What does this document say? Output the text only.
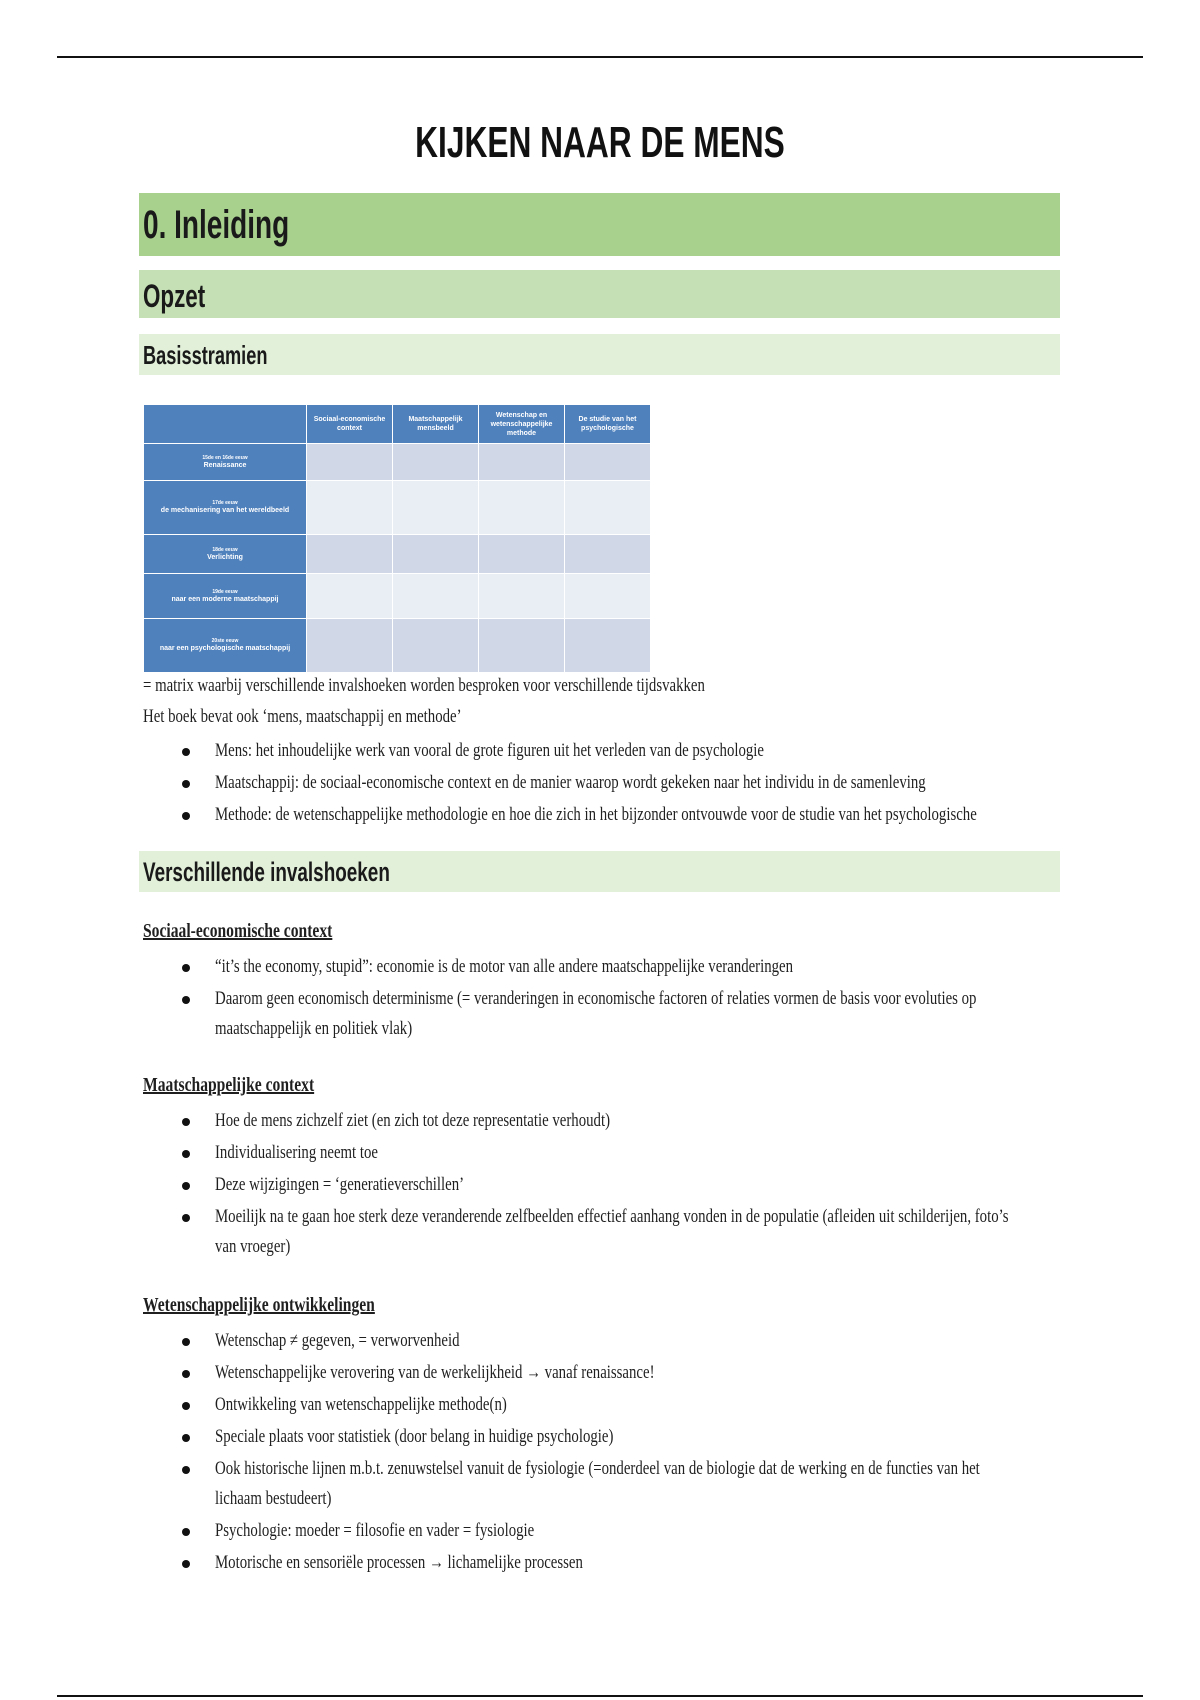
KIJKEN NAAR DE MENS
0. Inleiding
Opzet
Basisstramien
	Sociaal-economische context	Maatschappelijk mensbeeld	Wetenschap en wetenschappelijke methode	De studie van het psychologische

15de en 16de eeuw
Renaissance				

17de eeuw
de mechanisering van het wereldbeeld				

18de eeuw
Verlichting				

19de eeuw
naar een moderne maatschappij				

20ste eeuw
naar een psychologische maatschappij				
= matrix waarbij verschillende invalshoeken worden besproken voor verschillende tijdsvakken
Het boek bevat ook ‘mens, maatschappij en methode’
Mens: het inhoudelijke werk van vooral de grote figuren uit het verleden van de psychologie
Maatschappij: de sociaal-economische context en de manier waarop wordt gekeken naar het individu in de samenleving
Methode: de wetenschappelijke methodologie en hoe die zich in het bijzonder ontvouwde voor de studie van het psychologische
Verschillende invalshoeken
Sociaal-economische context
“it’s the economy, stupid”: economie is de motor van alle andere maatschappelijke veranderingen
Daarom geen economisch determinisme (= veranderingen in economische factoren of relaties vormen de basis voor evoluties op maatschappelijk en politiek vlak)
Maatschappelijke context
Hoe de mens zichzelf ziet (en zich tot deze representatie verhoudt)
Individualisering neemt toe
Deze wijzigingen = ‘generatieverschillen’
Moeilijk na te gaan hoe sterk deze veranderende zelfbeelden effectief aanhang vonden in de populatie (afleiden uit schilderijen, foto’s van vroeger)
Wetenschappelijke ontwikkelingen
Wetenschap ≠ gegeven, = verworvenheid
Wetenschappelijke verovering van de werkelijkheid → vanaf renaissance!
Ontwikkeling van wetenschappelijke methode(n)
Speciale plaats voor statistiek (door belang in huidige psychologie)
Ook historische lijnen m.b.t. zenuwstelsel vanuit de fysiologie (=onderdeel van de biologie dat de werking en de functies van het lichaam bestudeert)
Psychologie: moeder = filosofie en vader = fysiologie
Motorische en sensoriële processen → lichamelijke processen
